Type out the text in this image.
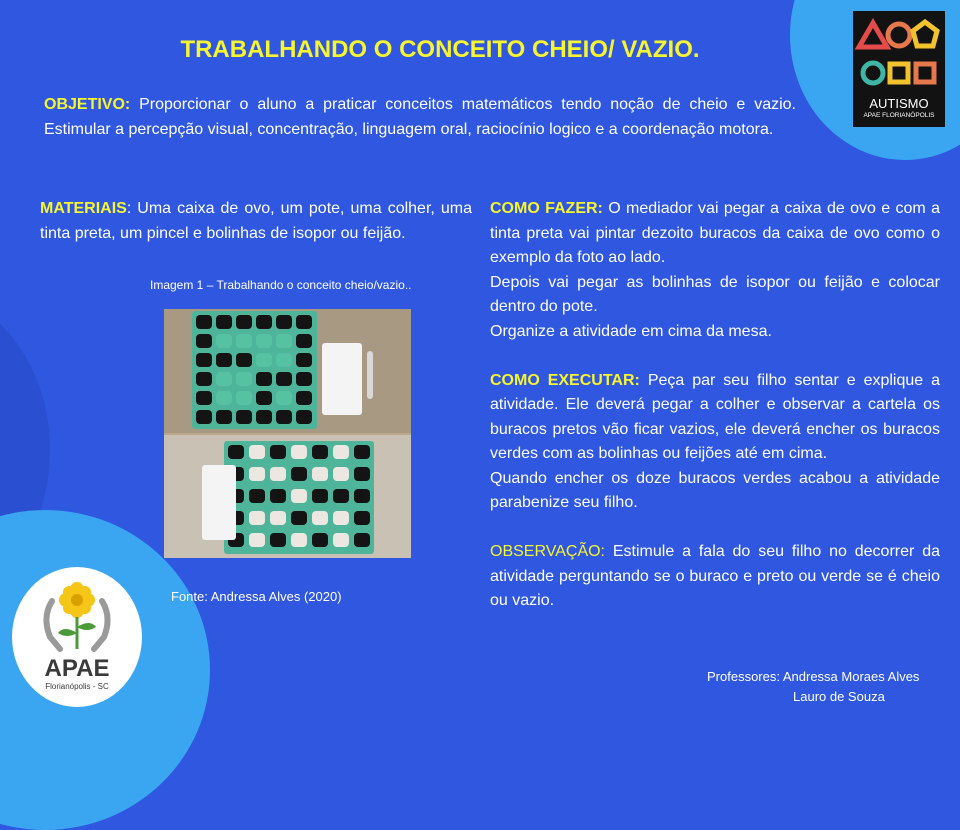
TRABALHANDO O CONCEITO CHEIO/ VAZIO.
OBJETIVO: Proporcionar o aluno a praticar conceitos matemáticos tendo noção de cheio e vazio. Estimular a percepção visual, concentração, linguagem oral, raciocínio logico e a coordenação motora.
MATERIAIS: Uma caixa de ovo, um pote, uma colher, uma tinta preta, um pincel e bolinhas de isopor ou feijão.
Imagem 1 – Trabalhando o conceito cheio/vazio..
Fonte: Andressa Alves (2020)

COMO FAZER: O mediador vai pegar a caixa de ovo e com a tinta preta vai pintar dezoito buracos da caixa de ovo como o exemplo da foto ao lado.

Depois vai pegar as bolinhas de isopor ou feijão e colocar dentro do pote.

Organize a atividade em cima da mesa.

COMO EXECUTAR: Peça par seu filho sentar e explique a atividade. Ele deverá pegar a colher e observar a cartela os buracos pretos vão ficar vazios, ele deverá encher os buracos verdes com as bolinhas ou feijões até em cima.

Quando encher os doze buracos verdes acabou a atividade parabenize seu filho.

OBSERVAÇÃO: Estimule a fala do seu filho no decorrer da atividade perguntando se o buraco e preto ou verde se é cheio ou vazio.

Professores: Andressa Moraes Alves
Lauro de Souza
AUTISMO
APAE FLORIANÓPOLIS
APAE
Florianópolis - SC
